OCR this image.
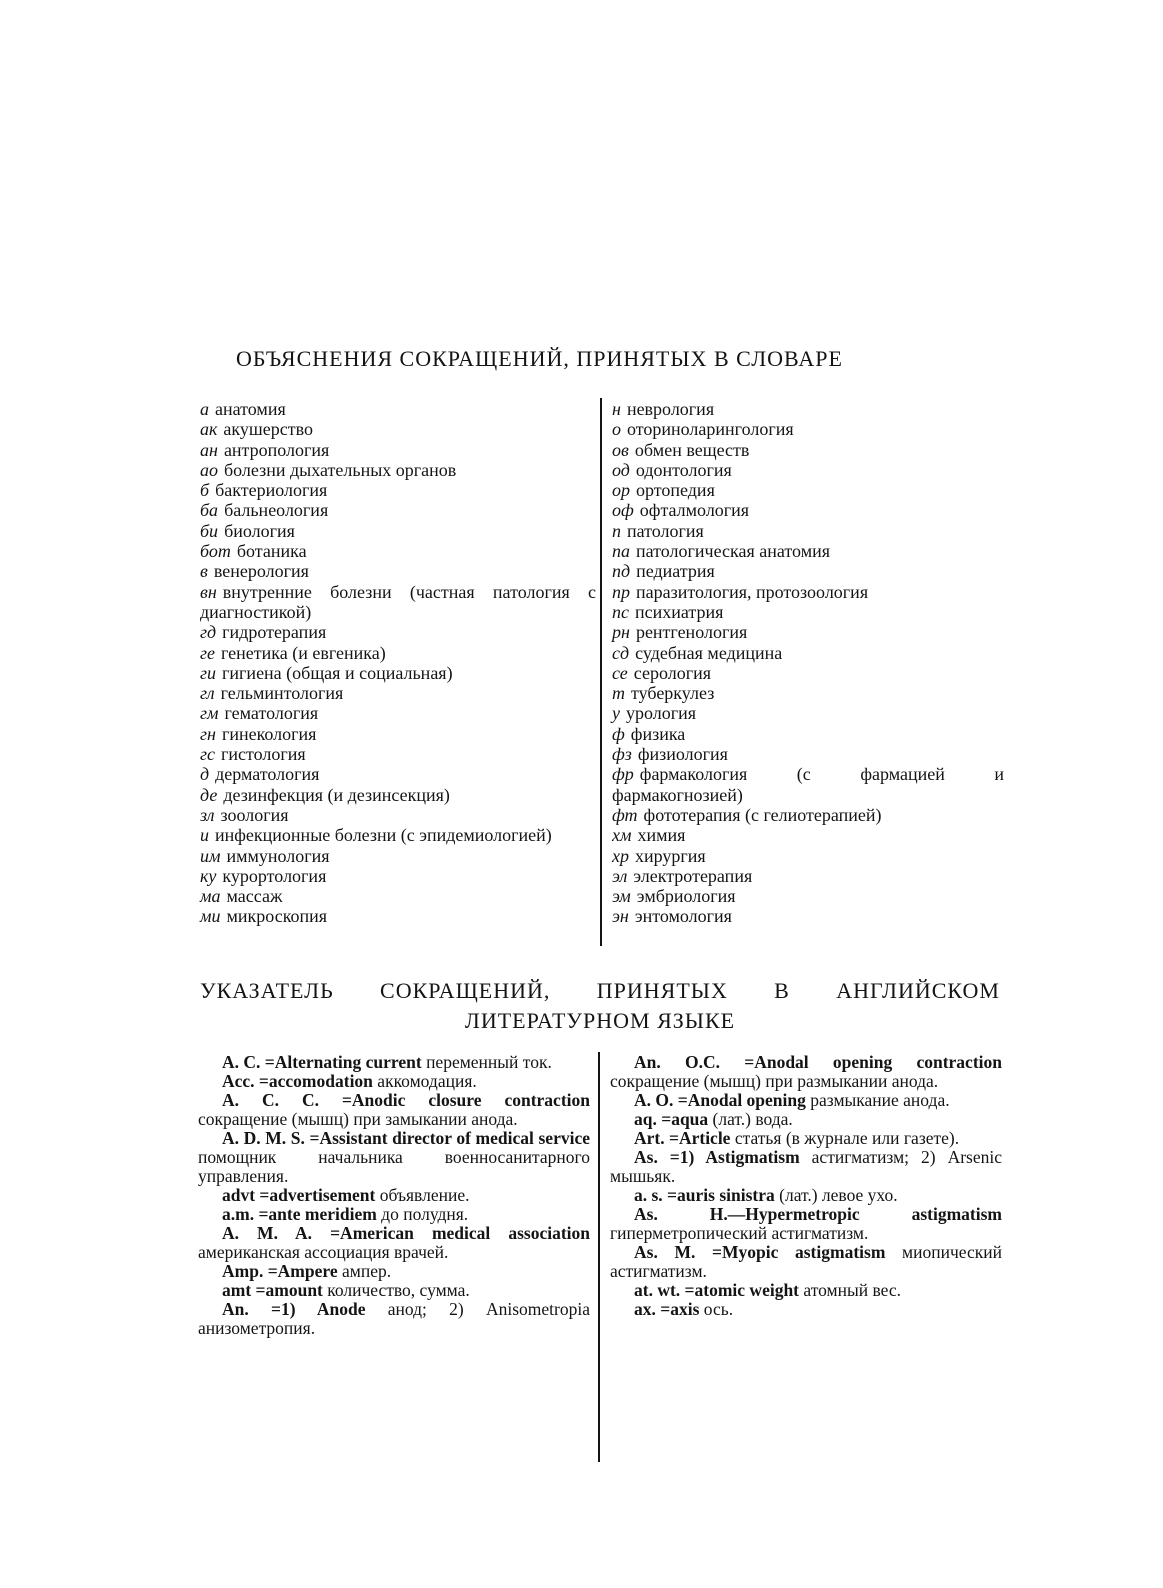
ОБЪЯСНЕНИЯ СОКРАЩЕНИЙ, ПРИНЯТЫХ В СЛОВАРЕ
а анатомия
ак акушерство
ан антропология
ао болезни дыхательных органов
б бактериология
ба бальнеология
би биология
бот ботаника
в венерология
вн внутренние болезни (частная патология с диагностикой)
гд гидротерапия
ге генетика (и евгеника)
ги гигиена (общая и социальная)
гл гельминтология
гм гематология
гн гинекология
гс гистология
д дерматология
де дезинфекция (и дезинсекция)
зл зоология
и инфекционные болезни (с эпидемиологией)
им иммунология
ку курортология
ма массаж
ми микроскопия
н неврология
о оториноларингология
ов обмен веществ
од одонтология
ор ортопедия
оф офталмология
п патология
па патологическая анатомия
пд педиатрия
пр паразитология, протозоология
пс психиатрия
рн рентгенология
сд судебная медицина
се серология
т туберкулез
у урология
ф физика
фз физиология
фр фармакология (с фармацией и фармакогнозией)
фт фототерапия (с гелиотерапией)
хм химия
хр хирургия
эл электротерапия
эм эмбриология
эн энтомология
УКАЗАТЕЛЬ СОКРАЩЕНИЙ, ПРИНЯТЫХ В АНГЛИЙСКОМ
ЛИТЕРАТУРНОМ ЯЗЫКЕ

A. C. =Alternating current переменный ток.

Acc. =accomodation аккомодация.

A. C. C. =Anodic closure contraction сокращение (мышц) при замыкании анода.

A. D. M. S. =Assistant director of medical service помощник начальника военносанитарного управления.

advt =advertisement объявление.

a.m. =ante meridiem до полудня.

A. M. A. =American medical association американская ассоциация врачей.

Amp. =Ampere ампер.

amt =amount количество, сумма.

An. =1) Anode анод; 2) Anisometropia анизометропия.

An. O.C. =Anodal opening contraction сокращение (мышц) при размыкании анода.

A. O. =Anodal opening размыкание анода.

aq. =aqua (лат.) вода.

Art. =Article статья (в журнале или газете).

As. =1) Astigmatism астигматизм; 2) Arsenic мышьяк.

a. s. =auris sinistra (лат.) левое ухо.

As. H.—Hypermetropic astigmatism гиперметропический астигматизм.

As. M. =Myopic astigmatism миопический астигматизм.

at. wt. =atomic weight атомный вес.

ax. =axis ось.
